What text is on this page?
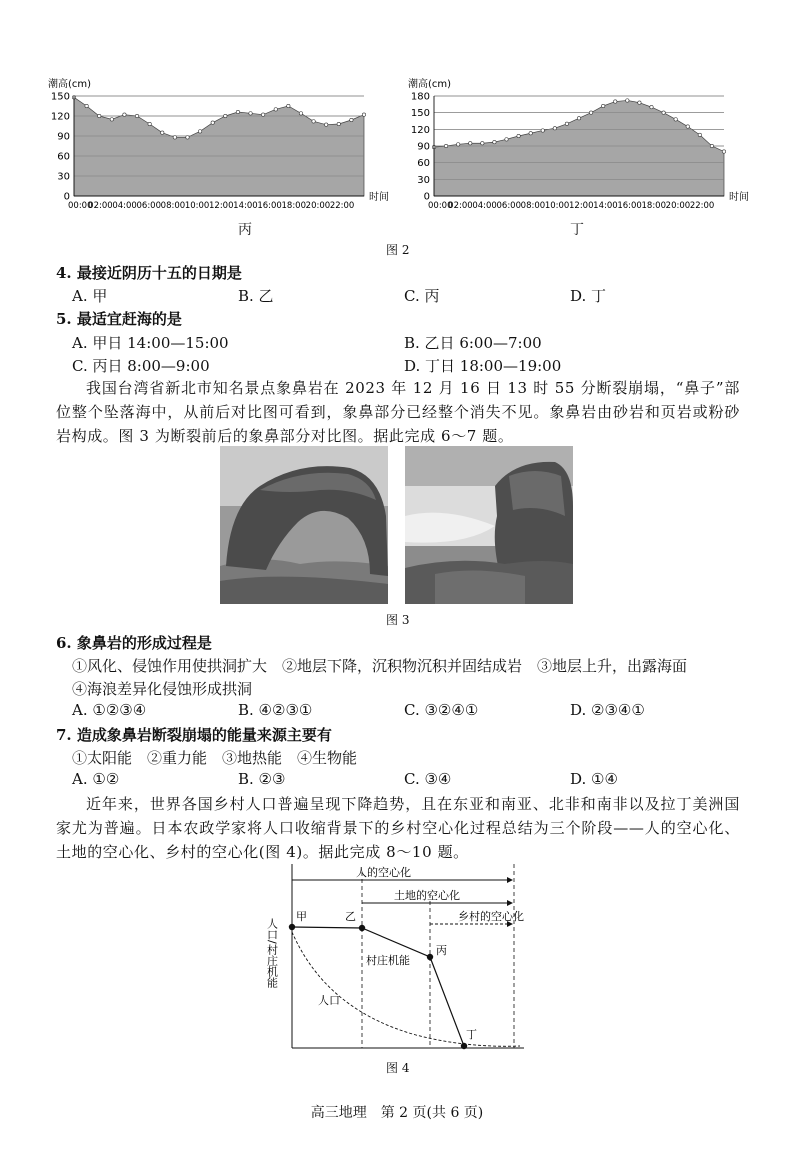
潮高(cm)
0
30
60
90
120
150
00:00
02:00 04:00 06:00 08:00 10:00 12:00 14:00 16:00 18:00 20:00 22:00
时间
潮高(cm)
0
30
60
90
120
150
180
00:00
02:00 04:00 06:00 08:00 10:00 12:00 14:00 16:00 18:00 20:00 22:00
时间
丙	丁
图 2
4. 最接近阴历十五的日期是
A. 甲	B. 乙	C. 丙	D. 丁
5. 最适宜赶海的是
A. 甲日 14:00—15:00	B. 乙日 6:00—7:00
C. 丙日 8:00—9:00	D. 丁日 18:00—19:00
我国台湾省新北市知名景点象鼻岩在 2023 年 12 月 16 日 13 时 55 分断裂崩塌，“鼻子”部位整个坠落海中，从前后对比图可看到，象鼻部分已经整个消失不见。象鼻岩由砂岩和页岩或粉砂岩构成。图 3 为断裂前后的象鼻部分对比图。据此完成 6～7 题。
图 3
6. 象鼻岩的形成过程是
①风化、侵蚀作用使拱洞扩大　②地层下降，沉积物沉积并固结成岩　③地层上升，出露海面
④海浪差异化侵蚀形成拱洞
A. ①②③④	B. ④②③①	C. ③②④①	D. ②③④①
7. 造成象鼻岩断裂崩塌的能量来源主要有
①太阳能　②重力能　③地热能　④生物能
A. ①②	B. ②③	C. ③④	D. ①④
近年来，世界各国乡村人口普遍呈现下降趋势，且在东亚和南亚、北非和南非以及拉丁美洲国家尤为普遍。日本农政学家将人口收缩背景下的乡村空心化过程总结为三个阶段——人的空心化、土地的空心化、乡村的空心化(图 4)。据此完成 8～10 题。
人的空心化
土地的空心化
乡村的空心化
甲	乙
丙
丁
村庄机能
人口
人口/村庄机能
图 4
高三地理　第 2 页(共 6 页)
